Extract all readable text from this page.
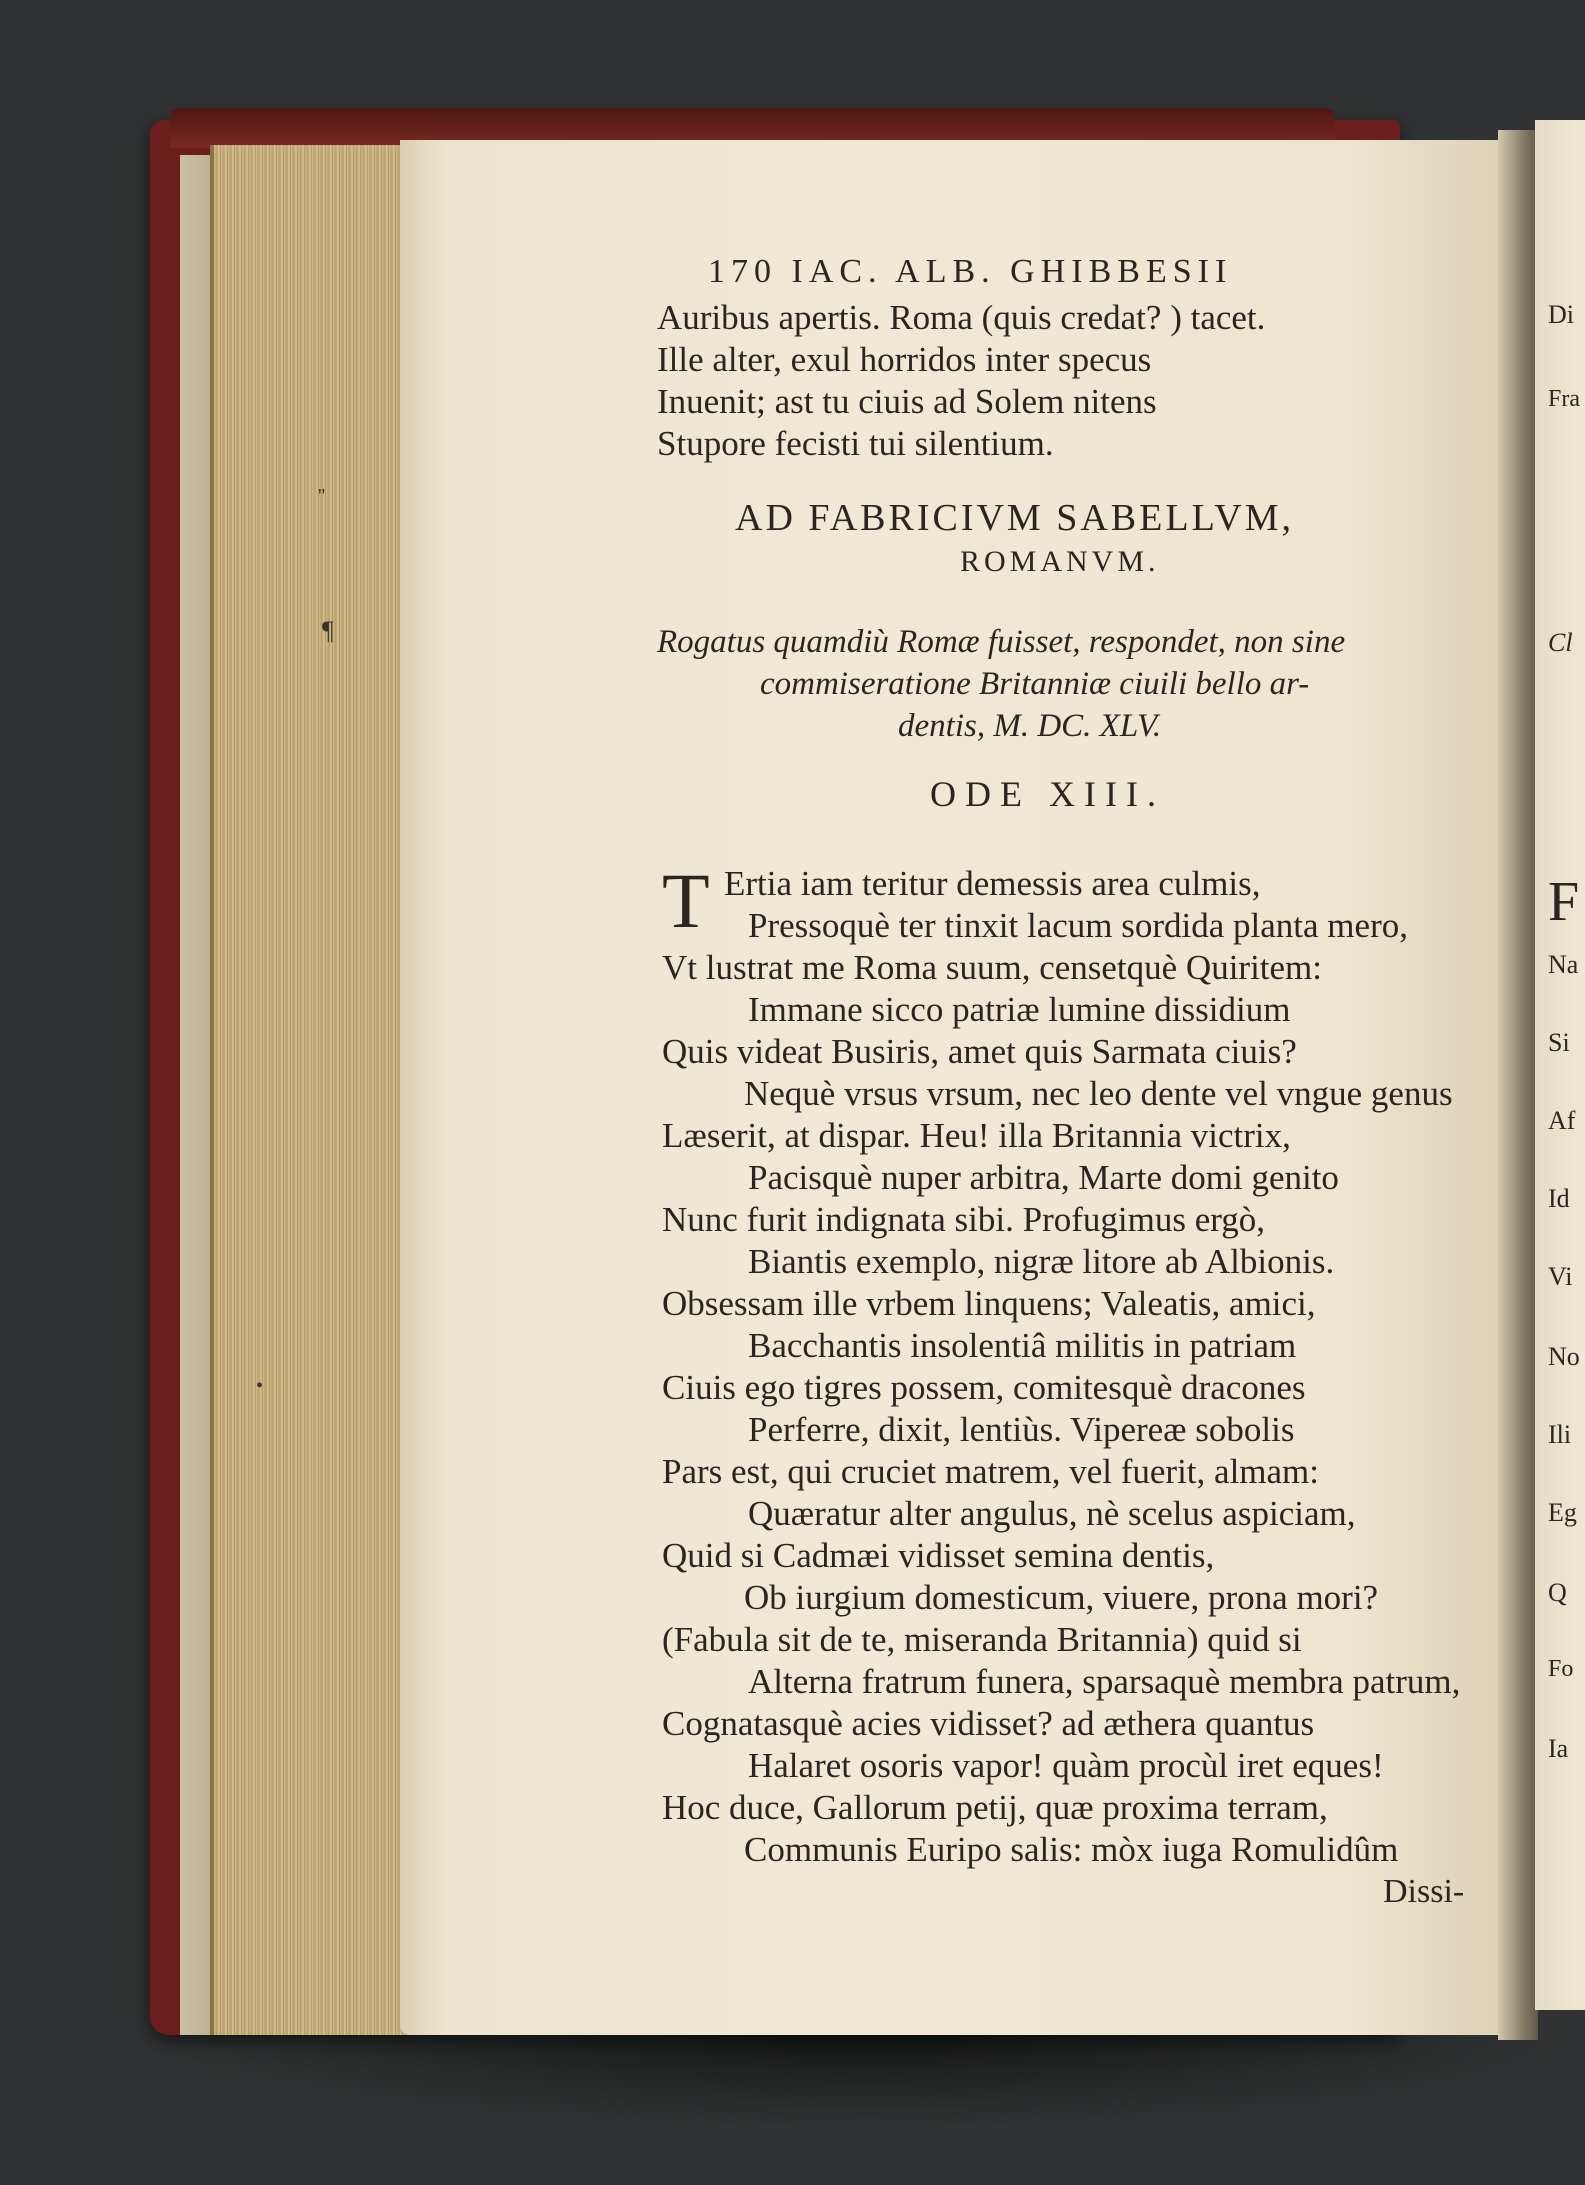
Di
Fra
Cl
F
Na
Si
Af
Id
Vi
No
Ili
Eg
Q
Fo
Ia
''
¶
•
170 IAC. ALB. GHIBBESII
Auribus apertis. Roma (quis credat? ) tacet.
Ille alter, exul horridos inter specus
Inuenit; ast tu ciuis ad Solem nitens
Stupore fecisti tui silentium.
AD FABRICIVM SABELLVM,
ROMANVM.
Rogatus quamdiù Romæ fuisset, respondet, non sine
commiseratione Britanniæ ciuili bello ar-
dentis, M. DC. XLV.
ODE XIII.
T Ertia iam teritur demessis area culmis,
Pressoquè ter tinxit lacum sordida planta mero,
Vt lustrat me Roma suum, censetquè Quiritem:
Immane sicco patriæ lumine dissidium
Quis videat Busiris, amet quis Sarmata ciuis?
Nequè vrsus vrsum, nec leo dente vel vngue genus
Læserit, at dispar. Heu! illa Britannia victrix,
Pacisquè nuper arbitra, Marte domi genito
Nunc furit indignata sibi. Profugimus ergò,
Biantis exemplo, nigræ litore ab Albionis.
Obsessam ille vrbem linquens; Valeatis, amici,
Bacchantis insolentiâ militis in patriam
Ciuis ego tigres possem, comitesquè dracones
Perferre, dixit, lentiùs. Vipereæ sobolis
Pars est, qui cruciet matrem, vel fuerit, almam:
Quæratur alter angulus, nè scelus aspiciam,
Quid si Cadmæi vidisset semina dentis,
Ob iurgium domesticum, viuere, prona mori?
(Fabula sit de te, miseranda Britannia) quid si
Alterna fratrum funera, sparsaquè membra patrum,
Cognatasquè acies vidisset? ad æthera quantus
Halaret osoris vapor! quàm procùl iret eques!
Hoc duce, Gallorum petij, quæ proxima terram,
Communis Euripo salis: mòx iuga Romulidûm
Dissi-
